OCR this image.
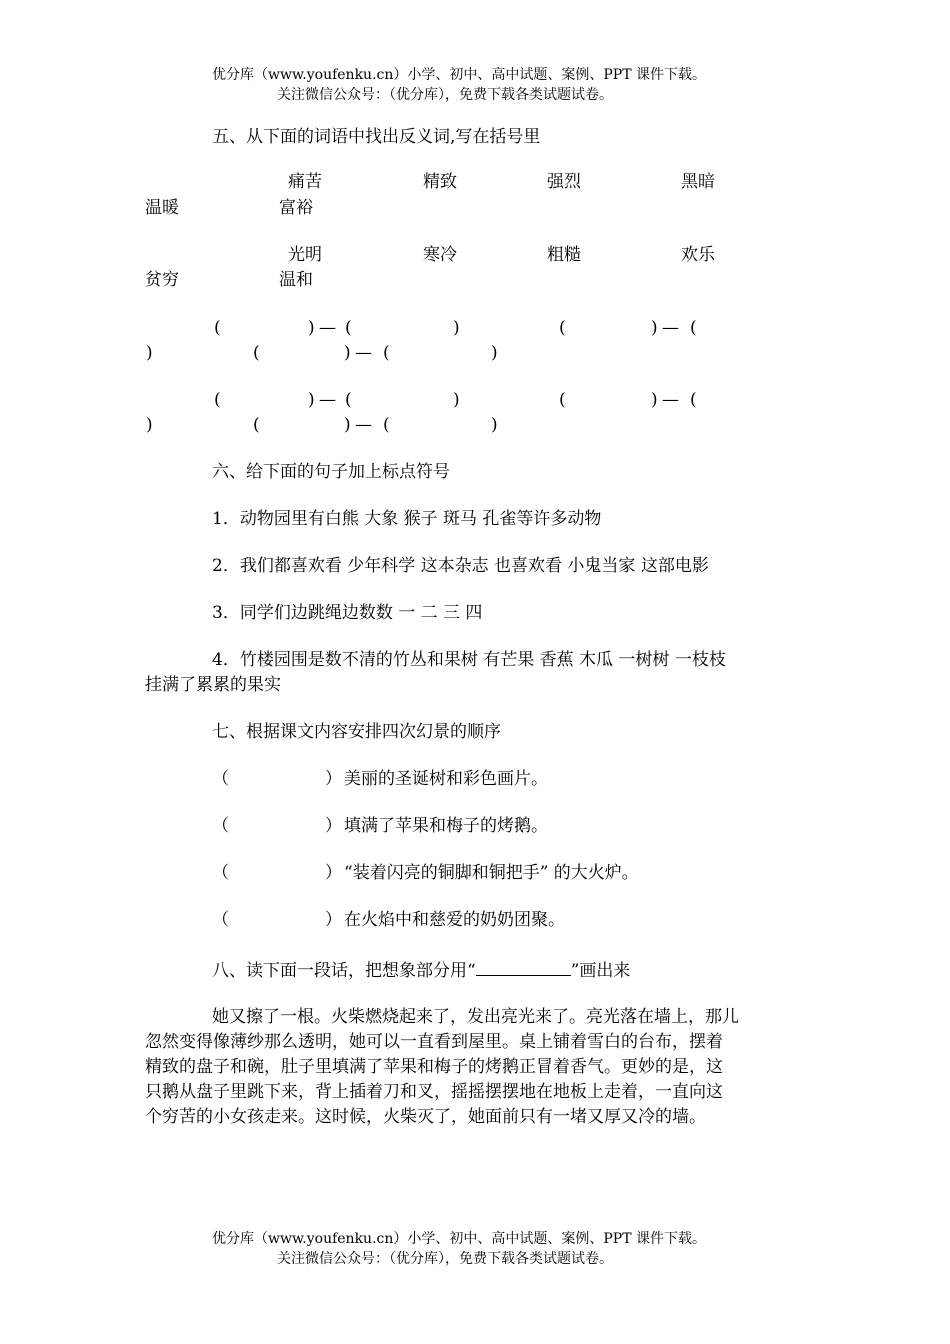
优分库（www.youfenku.cn）小学、初中、高中试题、案例、PPT 课件下载。
关注微信公众号：（优分库），免费下载各类试题试卷。
五、从下面的词语中找出反义词,写在括号里
痛苦	精致	强烈	黑暗
温暖	富裕
光明	寒冷	粗糙	欢乐
贫穷	温和
(	) — (	)	(	) — (
)	(	) — (	)
(	) — (	)	(	) — (
)	(	) — (	)
六、给下面的句子加上标点符号
1．动物园里有白熊 大象 猴子 斑马 孔雀等许多动物
2．我们都喜欢看 少年科学 这本杂志 也喜欢看 小鬼当家 这部电影
3．同学们边跳绳边数数 一 二 三 四
4．竹楼园围是数不清的竹丛和果树 有芒果 香蕉 木瓜 一树树 一枝枝
挂满了累累的果实
七、根据课文内容安排四次幻景的顺序
（	） 美丽的圣诞树和彩色画片。
（	） 填满了苹果和梅子的烤鹅。
（	） “装着闪亮的铜脚和铜把手” 的大火炉。
（	） 在火焰中和慈爱的奶奶团聚。
八、读下面一段话，把想象部分用“	”画出来
她又擦了一根。火柴燃烧起来了，发出亮光来了。亮光落在墙上，那儿
忽然变得像薄纱那么透明，她可以一直看到屋里。桌上铺着雪白的台布，摆着
精致的盘子和碗，肚子里填满了苹果和梅子的烤鹅正冒着香气。更妙的是，这
只鹅从盘子里跳下来，背上插着刀和叉，摇摇摆摆地在地板上走着，一直向这
个穷苦的小女孩走来。这时候，火柴灭了，她面前只有一堵又厚又冷的墙。
优分库（www.youfenku.cn）小学、初中、高中试题、案例、PPT 课件下载。
关注微信公众号：（优分库），免费下载各类试题试卷。
